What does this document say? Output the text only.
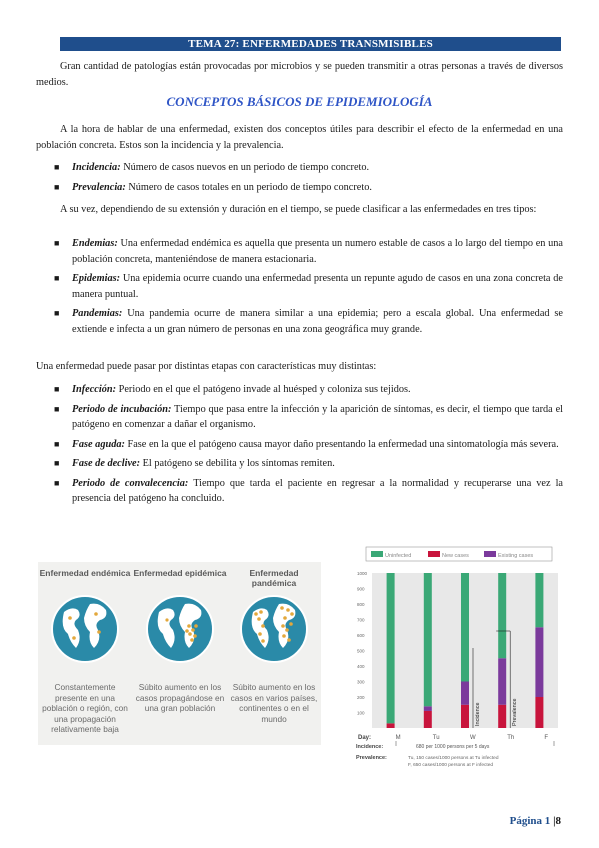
TEMA 27: ENFERMEDADES TRANSMISIBLES

Gran cantidad de patologías están provocadas por microbios y se pueden transmitir a otras personas a través de diversos medios.

CONCEPTOS BÁSICOS DE EPIDEMIOLOGÍA

A la hora de hablar de una enfermedad, existen dos conceptos útiles para describir el efecto de la enfermedad en una población concreta. Estos son la incidencia y la prevalencia.

■ Incidencia: Número de casos nuevos en un periodo de tiempo concreto.
■ Prevalencia: Número de casos totales en un periodo de tiempo concreto.

A su vez, dependiendo de su extensión y duración en el tiempo, se puede clasificar a las enfermedades en tres tipos:

■ Endemias: Una enfermedad endémica es aquella que presenta un numero estable de casos a lo largo del tiempo en una población concreta, manteniéndose de manera estacionaria.
■ Epidemias: Una epidemia ocurre cuando una enfermedad presenta un repunte agudo de casos en una zona concreta de manera puntual.
■ Pandemias: Una pandemia ocurre de manera similar a una epidemia; pero a escala global. Una enfermedad se extiende e infecta a un gran número de personas en una zona geográfica muy grande.

Una enfermedad puede pasar por distintas etapas con características muy distintas:

■ Infección: Periodo en el que el patógeno invade al huésped y coloniza sus tejidos.
■ Periodo de incubación: Tiempo que pasa entre la infección y la aparición de síntomas, es decir, el tiempo que tarda el patógeno en comenzar a dañar el organismo.
■ Fase aguda: Fase en la que el patógeno causa mayor daño presentando la enfermedad una sintomatología más severa.
■ Fase de declive: El patógeno se debilita y los síntomas remiten.
■ Periodo de convalecencia: Tiempo que tarda el paciente en regresar a la normalidad y recuperarse una vez la presencia del patógeno ha concluido.
Enfermedad endémica
Constantemente presente en una población o región, con una propagación relativamente baja
Enfermedad epidémica
Súbito aumento en los casos propagándose en una gran población
Enfermedad pandémica
Súbito aumento en los casos en varios países, continentes o en el mundo
Uninfected	New cases	Existing cases
100
200
300
400
500
600
700
800
900
1000
M	Tu	W	Th	F
Day:
Incidence	Prevalence
Incidence:	680 per 1000 persons per 5 days
Prevalence:	Tu, 150 cases/1000 persons at Tu infected
F, 650 cases/1000 persons at F infected
Página 1 |8
